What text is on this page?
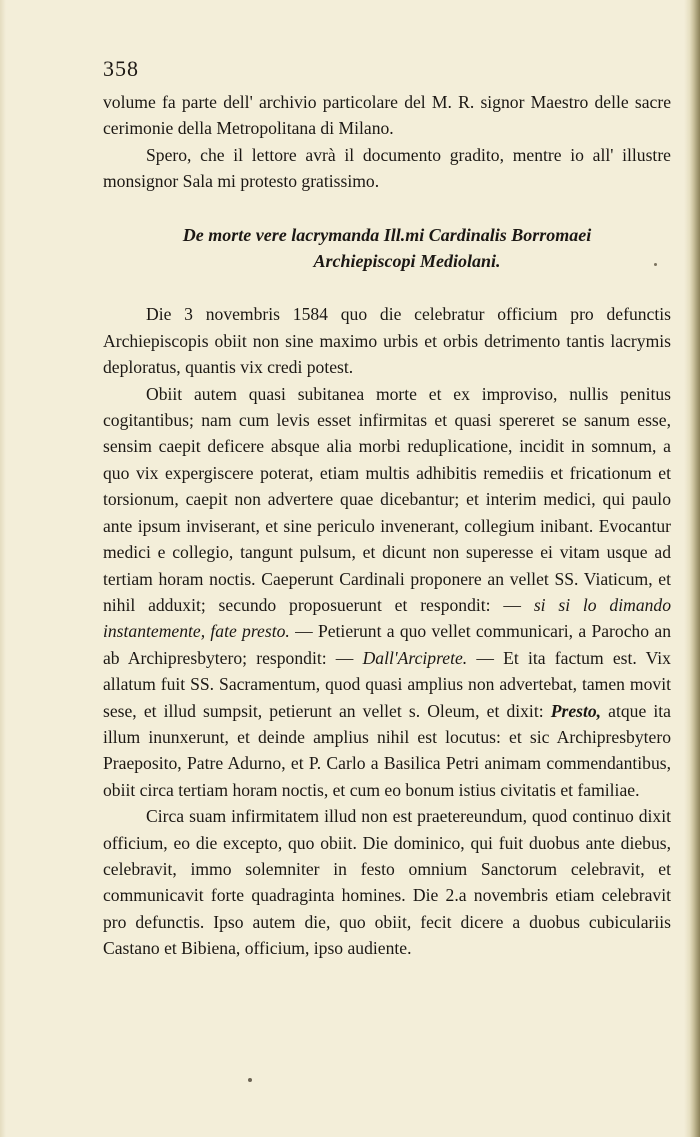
358

volume fa parte dell' archivio particolare del M. R. signor Maestro delle sacre cerimonie della Metropolitana di Milano.

Spero, che il lettore avrà il documento gradito, mentre io all' illustre monsignor Sala mi protesto gratissimo.

De morte vere lacrymanda Ill.mi Cardinalis Borromaei
Archiepiscopi Mediolani.

Die 3 novembris 1584 quo die celebratur officium pro defunctis Archiepiscopis obiit non sine maximo urbis et orbis detrimento tantis lacrymis deploratus, quantis vix credi potest.

Obiit autem quasi subitanea morte et ex improviso, nullis penitus cogitantibus; nam cum levis esset infirmitas et quasi spereret se sanum esse, sensim caepit deficere absque alia morbi reduplicatione, incidit in somnum, a quo vix expergiscere poterat, etiam multis adhibitis remediis et fricationum et torsionum, caepit non advertere quae dicebantur; et interim medici, qui paulo ante ipsum inviserant, et sine periculo invenerant, collegium inibant. Evocantur medici e collegio, tangunt pulsum, et dicunt non superesse ei vitam usque ad tertiam horam noctis. Caeperunt Cardinali proponere an vellet SS. Viaticum, et nihil adduxit; secundo proposuerunt et respondit: — si si lo dimando instantemente, fate presto. — Petierunt a quo vellet communicari, a Parocho an ab Archipresbytero; respondit: — Dall'Arciprete. — Et ita factum est. Vix allatum fuit SS. Sacramentum, quod quasi amplius non advertebat, tamen movit sese, et illud sumpsit, petierunt an vellet s. Oleum, et dixit: Presto, atque ita illum inunxerunt, et deinde amplius nihil est locutus: et sic Archipresbytero Praeposito, Patre Adurno, et P. Carlo a Basilica Petri animam commendantibus, obiit circa tertiam horam noctis, et cum eo bonum istius civitatis et familiae.

Circa suam infirmitatem illud non est praetereundum, quod continuo dixit officium, eo die excepto, quo obiit. Die dominico, qui fuit duobus ante diebus, celebravit, immo solemniter in festo omnium Sanctorum celebravit, et communicavit forte quadraginta homines. Die 2.a novembris etiam celebravit pro defunctis. Ipso autem die, quo obiit, fecit dicere a duobus cubiculariis Castano et Bibiena, officium, ipso audiente.
